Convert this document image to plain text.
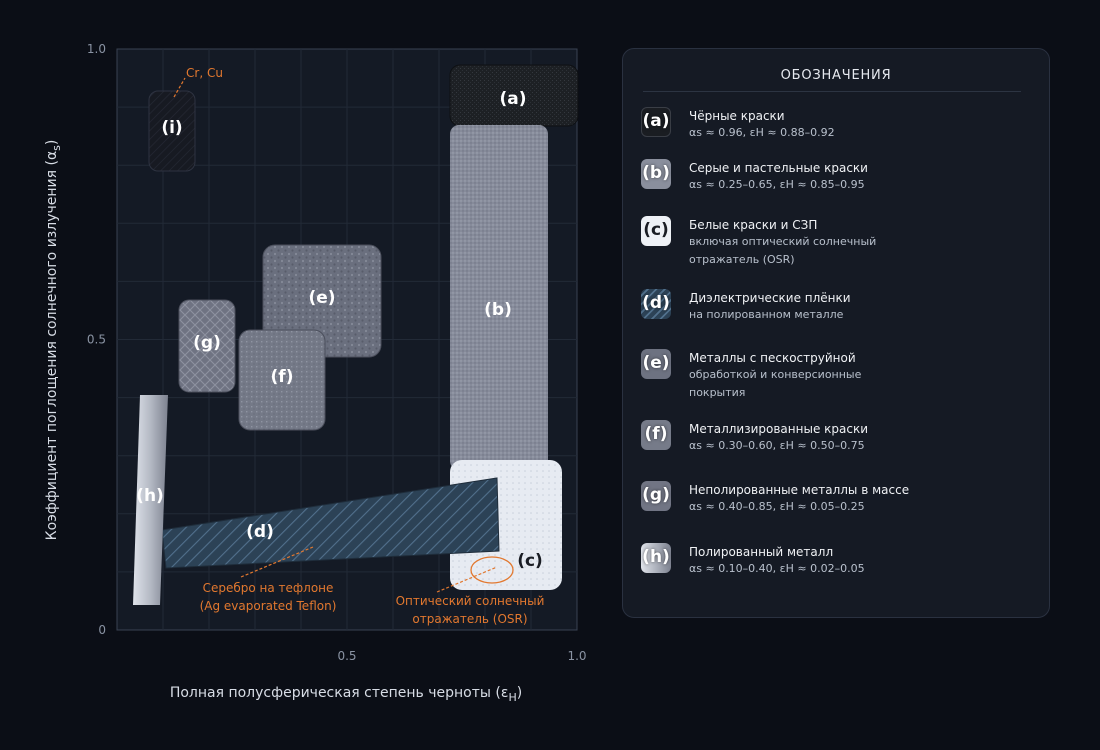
(a)
(b)
(c)
(d)
(e)
(f)
(g)
(h)
(i)
Cr, Cu
Серебро на тефлоне
(Ag evaporated Teflon)	Оптический солнечный
отражатель (OSR)
0.5	1.0
0
0.5
1.0
Полная полусферическая степень черноты $(\varepsilon_H)$
Коэффициент поглощения солнечного излучения $(\alpha_s)$
ОБОЗНАЧЕНИЯ
(a)	Чёрные краски
αs ≈ 0.96, εH ≈ 0.88–0.92
(b)	Серые и пастельные краски
αs ≈ 0.25–0.65, εH ≈ 0.85–0.95
(c)	Белые краски и СЗП
включая оптический солнечный
отражатель (OSR)
(d)	Диэлектрические плёнки
на полированном металле
(e)	Металлы с пескоструйной
обработкой и конверсионные
покрытия
(f)	Металлизированные краски
αs ≈ 0.30–0.60, εH ≈ 0.50–0.75
(g)	Неполированные металлы в массе
αs ≈ 0.40–0.85, εH ≈ 0.05–0.25
(h)	Полированный металл
αs ≈ 0.10–0.40, εH ≈ 0.02–0.05
